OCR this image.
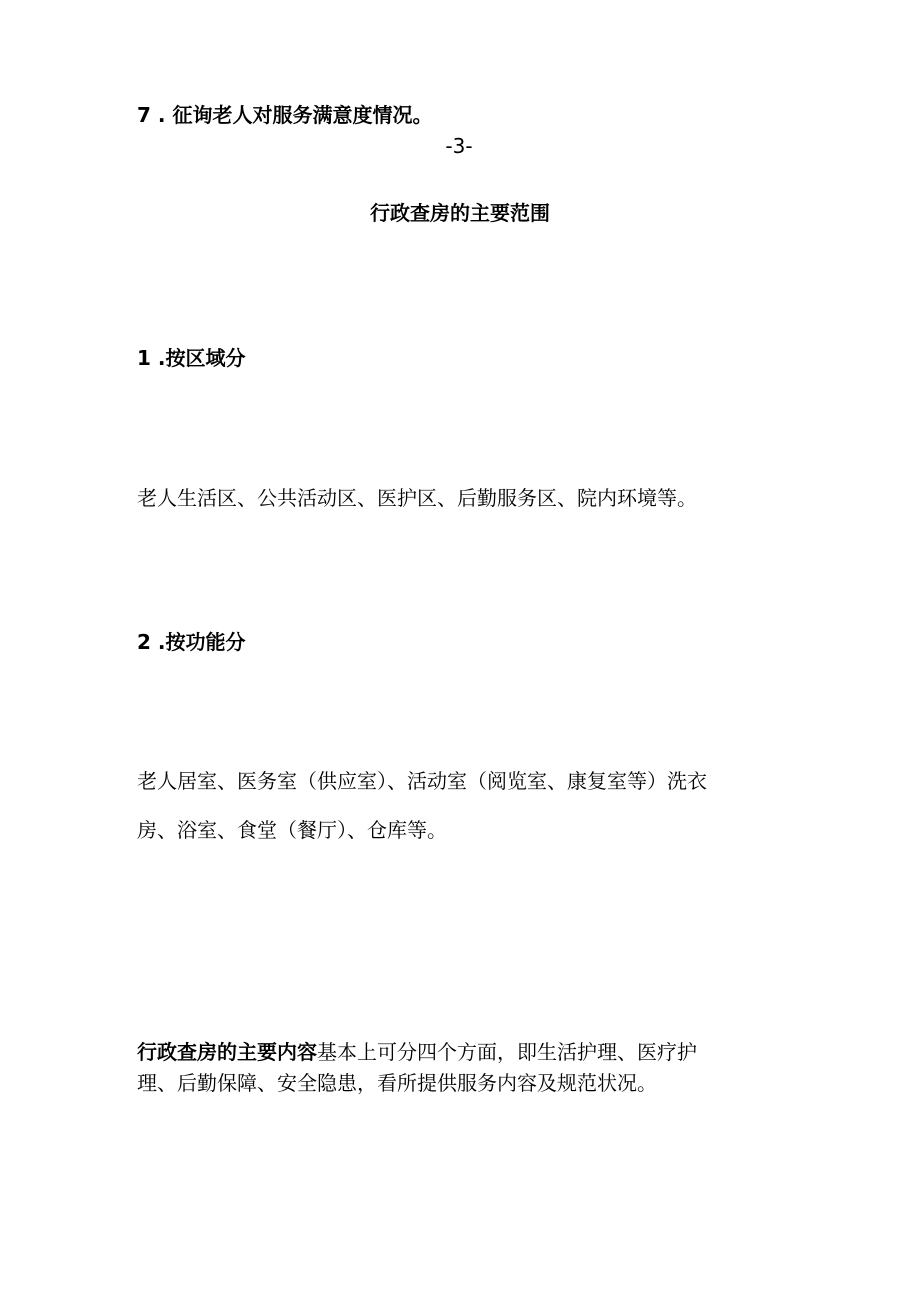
7 . 征询老人对服务满意度情况。
-3-
行政查房的主要范围
1 .按区域分
老人生活区、公共活动区、医护区、后勤服务区、院内环境等。
2 .按功能分
老人居室、医务室（供应室）、活动室（阅览室、康复室等）洗衣
房、浴室、食堂（餐厅）、仓库等。
行政查房的主要内容基本上可分四个方面，即生活护理、医疗护
理、后勤保障、安全隐患，看所提供服务内容及规范状况。
